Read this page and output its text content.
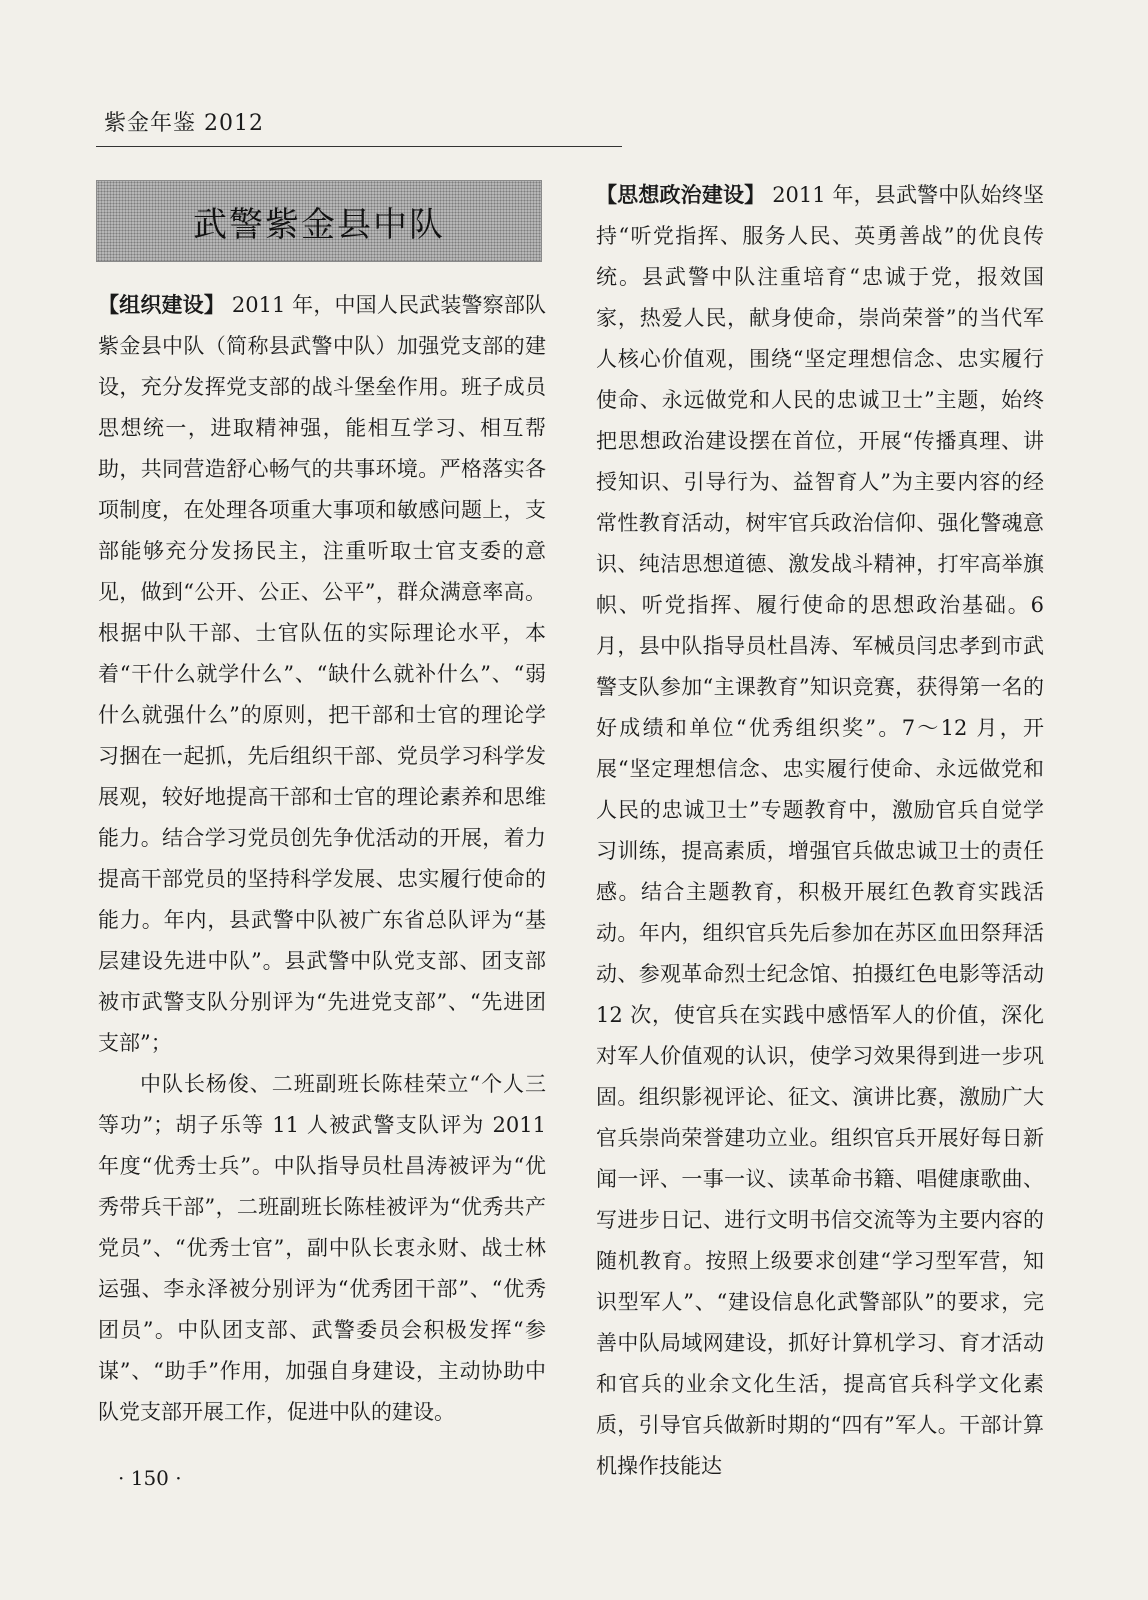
紫金年鉴 2012
武警紫金县中队

【组织建设】 2011 年，中国人民武装警察部队紫金县中队（简称县武警中队）加强党支部的建设，充分发挥党支部的战斗堡垒作用。班子成员思想统一，进取精神强，能相互学习、相互帮助，共同营造舒心畅气的共事环境。严格落实各项制度，在处理各项重大事项和敏感问题上，支部能够充分发扬民主，注重听取士官支委的意见，做到“公开、公正、公平”，群众满意率高。根据中队干部、士官队伍的实际理论水平，本着“干什么就学什么”、“缺什么就补什么”、“弱什么就强什么”的原则，把干部和士官的理论学习捆在一起抓，先后组织干部、党员学习科学发展观，较好地提高干部和士官的理论素养和思维能力。结合学习党员创先争优活动的开展，着力提高干部党员的坚持科学发展、忠实履行使命的能力。年内，县武警中队被广东省总队评为“基层建设先进中队”。县武警中队党支部、团支部被市武警支队分别评为“先进党支部”、“先进团支部”；

中队长杨俊、二班副班长陈桂荣立“个人三等功”；胡子乐等 11 人被武警支队评为 2011 年度“优秀士兵”。中队指导员杜昌涛被评为“优秀带兵干部”，二班副班长陈桂被评为“优秀共产党员”、“优秀士官”，副中队长衷永财、战士林运强、李永泽被分别评为“优秀团干部”、“优秀团员”。中队团支部、武警委员会积极发挥“参谋”、“助手”作用，加强自身建设，主动协助中队党支部开展工作，促进中队的建设。

【思想政治建设】 2011 年，县武警中队始终坚持“听党指挥、服务人民、英勇善战”的优良传统。县武警中队注重培育“忠诚于党，报效国家，热爱人民，献身使命，崇尚荣誉”的当代军人核心价值观，围绕“坚定理想信念、忠实履行使命、永远做党和人民的忠诚卫士”主题，始终把思想政治建设摆在首位，开展“传播真理、讲授知识、引导行为、益智育人”为主要内容的经常性教育活动，树牢官兵政治信仰、强化警魂意识、纯洁思想道德、激发战斗精神，打牢高举旗帜、听党指挥、履行使命的思想政治基础。6 月，县中队指导员杜昌涛、军械员闫忠孝到市武警支队参加“主课教育”知识竞赛，获得第一名的好成绩和单位“优秀组织奖”。7～12 月，开展“坚定理想信念、忠实履行使命、永远做党和人民的忠诚卫士”专题教育中，激励官兵自觉学习训练，提高素质，增强官兵做忠诚卫士的责任感。结合主题教育，积极开展红色教育实践活动。年内，组织官兵先后参加在苏区血田祭拜活动、参观革命烈士纪念馆、拍摄红色电影等活动 12 次，使官兵在实践中感悟军人的价值，深化对军人价值观的认识，使学习效果得到进一步巩固。组织影视评论、征文、演讲比赛，激励广大官兵崇尚荣誉建功立业。组织官兵开展好每日新闻一评、一事一议、读革命书籍、唱健康歌曲、写进步日记、进行文明书信交流等为主要内容的随机教育。按照上级要求创建“学习型军营，知识型军人”、“建设信息化武警部队”的要求，完善中队局域网建设，抓好计算机学习、育才活动和官兵的业余文化生活，提高官兵科学文化素质，引导官兵做新时期的“四有”军人。干部计算机操作技能达

· 150 ·
